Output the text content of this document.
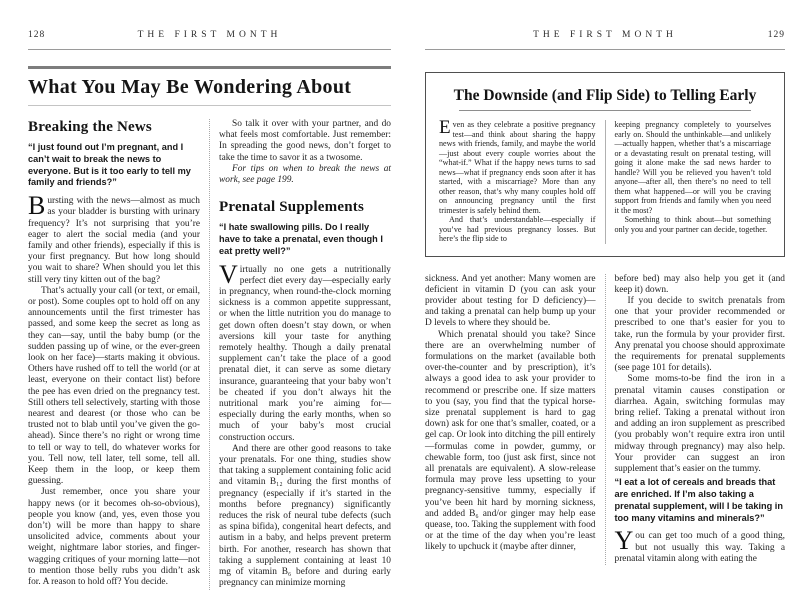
128	THE FIRST MONTH
What You May Be Wondering About
Breaking the News

“I just found out I’m pregnant, and I can’t wait to break the news to everyone. But is it too early to tell my family and friends?”

Bursting with the news—almost as much as your bladder is bursting with urinary frequency? It’s not surprising that you’re eager to alert the social media (and your family and other friends), especially if this is your first pregnancy. But how long should you wait to share? When should you let this still very tiny kitten out of the bag?

That’s actually your call (or text, or email, or post). Some couples opt to hold off on any announcements until the first trimester has passed, and some keep the secret as long as they can—say, until the baby bump (or the sudden passing up of wine, or the ever-green look on her face)—starts making it obvious. Others have rushed off to tell the world (or at least, everyone on their contact list) before the pee has even dried on the pregnancy test. Still others tell selectively, starting with those nearest and dearest (or those who can be trusted not to blab until you’ve given the go-ahead). Since there’s no right or wrong time to tell or way to tell, do whatever works for you. Tell now, tell later, tell some, tell all. Keep them in the loop, or keep them guessing.

Just remember, once you share your happy news (or it becomes oh-so-obvious), people you know (and, yes, even those you don’t) will be more than happy to share unsolicited advice, comments about your weight, nightmare labor stories, and finger-wagging critiques of your morning latte—not to mention those belly rubs you didn’t ask for. A reason to hold off? You decide.

So talk it over with your partner, and do what feels most comfortable. Just remember: In spreading the good news, don’t forget to take the time to savor it as a twosome.

For tips on when to break the news at work, see page 199.

Prenatal Supplements

“I hate swallowing pills. Do I really have to take a prenatal, even though I eat pretty well?”

Virtually no one gets a nutritionally perfect diet every day—especially early in pregnancy, when round-the-clock morning sickness is a common appetite suppressant, or when the little nutrition you do manage to get down often doesn’t stay down, or when aversions kill your taste for anything remotely healthy. Though a daily prenatal supplement can’t take the place of a good prenatal diet, it can serve as some dietary insurance, guaranteeing that your baby won’t be cheated if you don’t always hit the nutritional mark you’re aiming for—especially during the early months, when so much of your baby’s most crucial construction occurs.

And there are other good reasons to take your prenatals. For one thing, studies show that taking a supplement containing folic acid and vitamin B₁₂ during the first months of pregnancy (especially if it’s started in the months before pregnancy) significantly reduces the risk of neural tube defects (such as spina bifida), congenital heart defects, and autism in a baby, and helps prevent preterm birth. For another, research has shown that taking a supplement containing at least 10 mg of vitamin B₆ before and during early pregnancy can minimize morning

THE FIRST MONTH	129
The Downside (and Flip Side) to Telling Early

Even as they celebrate a positive pregnancy test—and think about sharing the happy news with friends, family, and maybe the world—just about every couple worries about the “what-if.” What if the happy news turns to sad news—what if pregnancy ends soon after it has started, with a miscarriage? More than any other reason, that’s why many couples hold off on announcing pregnancy until the first trimester is safely behind them.

And that’s understandable—especially if you’ve had previous pregnancy losses. But here’s the flip side to

keeping pregnancy completely to yourselves early on. Should the unthinkable—and unlikely—actually happen, whether that’s a miscarriage or a devastating result on prenatal testing, will going it alone make the sad news harder to handle? Will you be relieved you haven’t told anyone—after all, then there’s no need to tell them what happened—or will you be craving support from friends and family when you need it the most?

Something to think about—but something only you and your partner can decide, together.

sickness. And yet another: Many women are deficient in vitamin D (you can ask your provider about testing for D deficiency)—and taking a prenatal can help bump up your D levels to where they should be.

Which prenatal should you take? Since there are an overwhelming number of formulations on the market (available both over-the-counter and by prescription), it’s always a good idea to ask your provider to recommend or prescribe one. If size matters to you (say, you find that the typical horse-size prenatal supplement is hard to gag down) ask for one that’s smaller, coated, or a gel cap. Or look into ditching the pill entirely—formulas come in powder, gummy, or chewable form, too (just ask first, since not all prenatals are equivalent). A slow-release formula may prove less upsetting to your pregnancy-sensitive tummy, especially if you’ve been hit hard by morning sickness, and added B₆ and/or ginger may help ease quease, too. Taking the supplement with food or at the time of the day when you’re least likely to upchuck it (maybe after dinner,

before bed) may also help you get it (and keep it) down.

If you decide to switch prenatals from one that your provider recommended or prescribed to one that’s easier for you to take, run the formula by your provider first. Any prenatal you choose should approximate the requirements for prenatal supplements (see page 101 for details).

Some moms-to-be find the iron in a prenatal vitamin causes constipation or diarrhea. Again, switching formulas may bring relief. Taking a prenatal without iron and adding an iron supplement as prescribed (you probably won’t require extra iron until midway through pregnancy) may also help. Your provider can suggest an iron supplement that’s easier on the tummy.

“I eat a lot of cereals and breads that are enriched. If I’m also taking a prenatal supplement, will I be taking in too many vitamins and minerals?”

You can get too much of a good thing, but not usually this way. Taking a prenatal vitamin along with eating the
